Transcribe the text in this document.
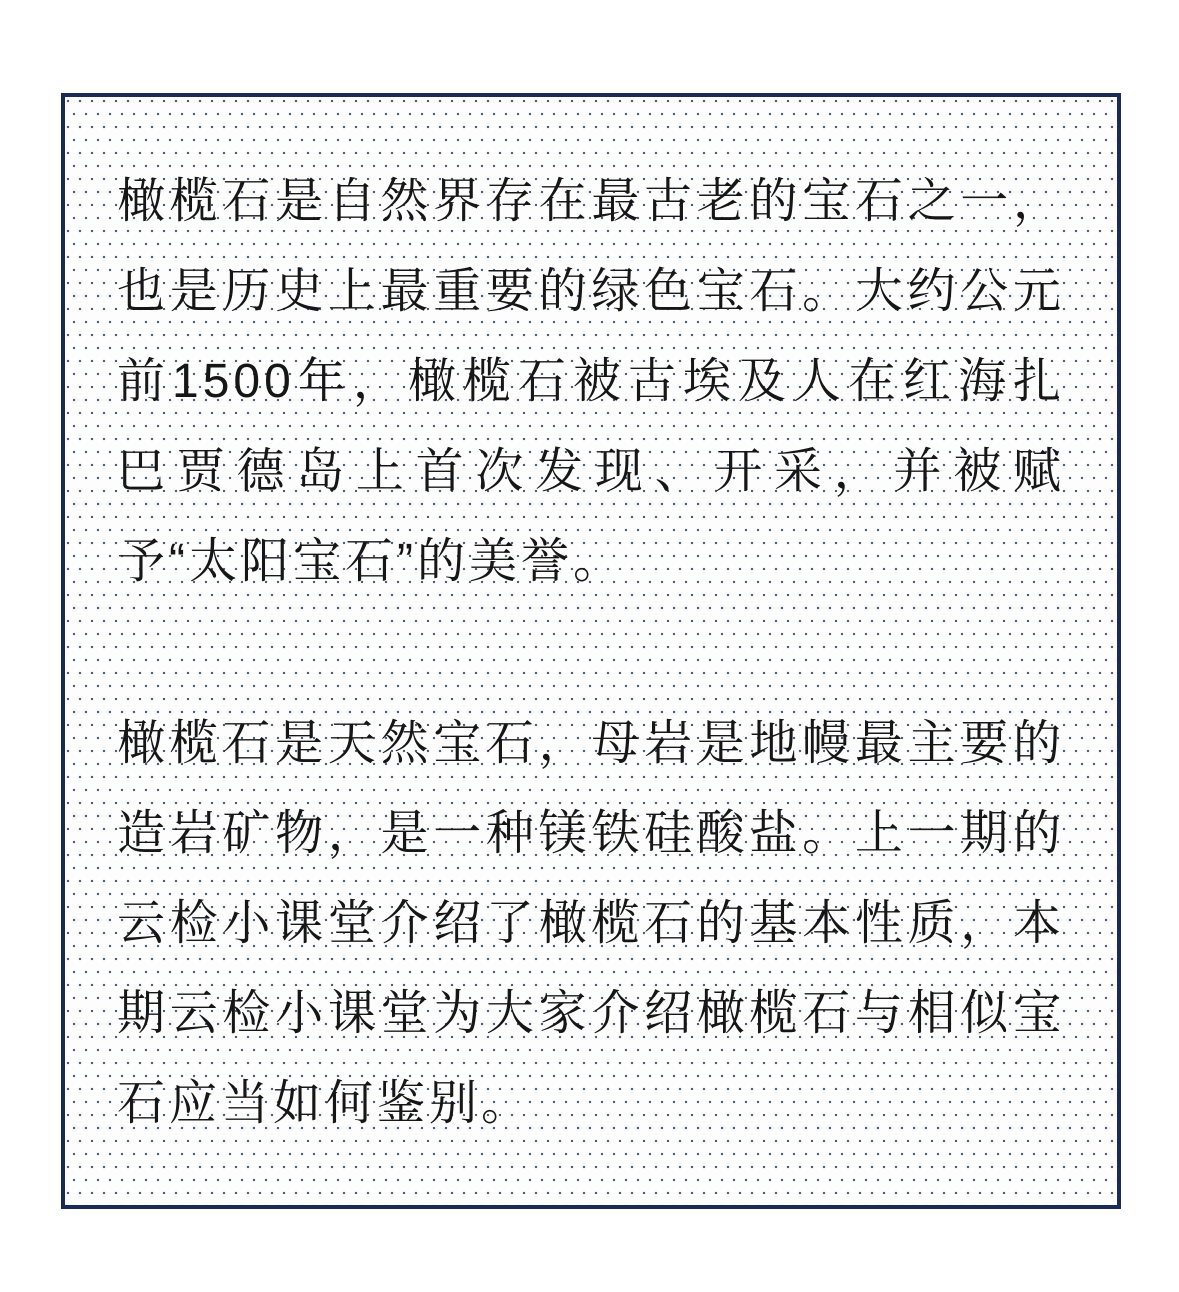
橄榄石是自然界存在最古老的宝石之一，也是历史上最重要的绿色宝石。大约公元前1500年，橄榄石被古埃及人在红海扎巴贾德岛上首次发现、开采，并被赋予“太阳宝石”的美誉。

橄榄石是天然宝石，母岩是地幔最主要的造岩矿物，是一种镁铁硅酸盐。上一期的云检小课堂介绍了橄榄石的基本性质，本期云检小课堂为大家介绍橄榄石与相似宝石应当如何鉴别。
